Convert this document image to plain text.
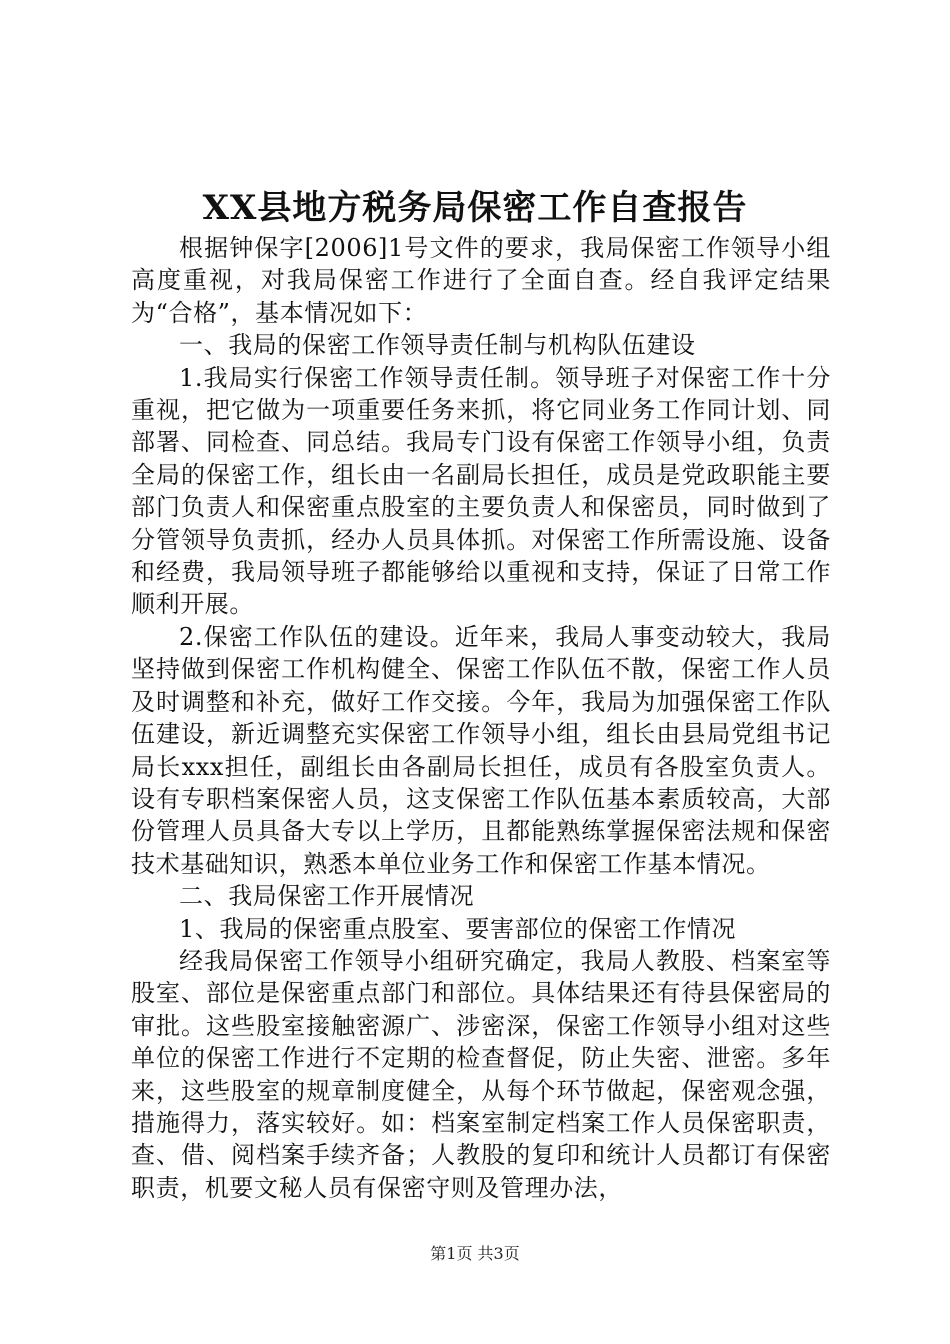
XX县地方税务局保密工作自查报告

根据钟保字[2006]1号文件的要求，我局保密工作领导小组高度重视，对我局保密工作进行了全面自查。经自我评定结果为“合格”，基本情况如下：

一、我局的保密工作领导责任制与机构队伍建设

1.我局实行保密工作领导责任制。领导班子对保密工作十分重视，把它做为一项重要任务来抓，将它同业务工作同计划、同部署、同检查、同总结。我局专门设有保密工作领导小组，负责全局的保密工作，组长由一名副局长担任，成员是党政职能主要部门负责人和保密重点股室的主要负责人和保密员，同时做到了分管领导负责抓，经办人员具体抓。对保密工作所需设施、设备和经费，我局领导班子都能够给以重视和支持，保证了日常工作顺利开展。

2.保密工作队伍的建设。近年来，我局人事变动较大，我局坚持做到保密工作机构健全、保密工作队伍不散，保密工作人员及时调整和补充，做好工作交接。今年，我局为加强保密工作队伍建设，新近调整充实保密工作领导小组，组长由县局党组书记局长xxx担任，副组长由各副局长担任，成员有各股室负责人。设有专职档案保密人员，这支保密工作队伍基本素质较高，大部份管理人员具备大专以上学历，且都能熟练掌握保密法规和保密技术基础知识，熟悉本单位业务工作和保密工作基本情况。

二、我局保密工作开展情况

1、我局的保密重点股室、要害部位的保密工作情况

经我局保密工作领导小组研究确定，我局人教股、档案室等股室、部位是保密重点部门和部位。具体结果还有待县保密局的审批。这些股室接触密源广、涉密深，保密工作领导小组对这些单位的保密工作进行不定期的检查督促，防止失密、泄密。多年来，这些股室的规章制度健全，从每个环节做起，保密观念强，措施得力，落实较好。如：档案室制定档案工作人员保密职责，查、借、阅档案手续齐备；人教股的复印和统计人员都订有保密职责，机要文秘人员有保密守则及管理办法，

第1页 共3页
